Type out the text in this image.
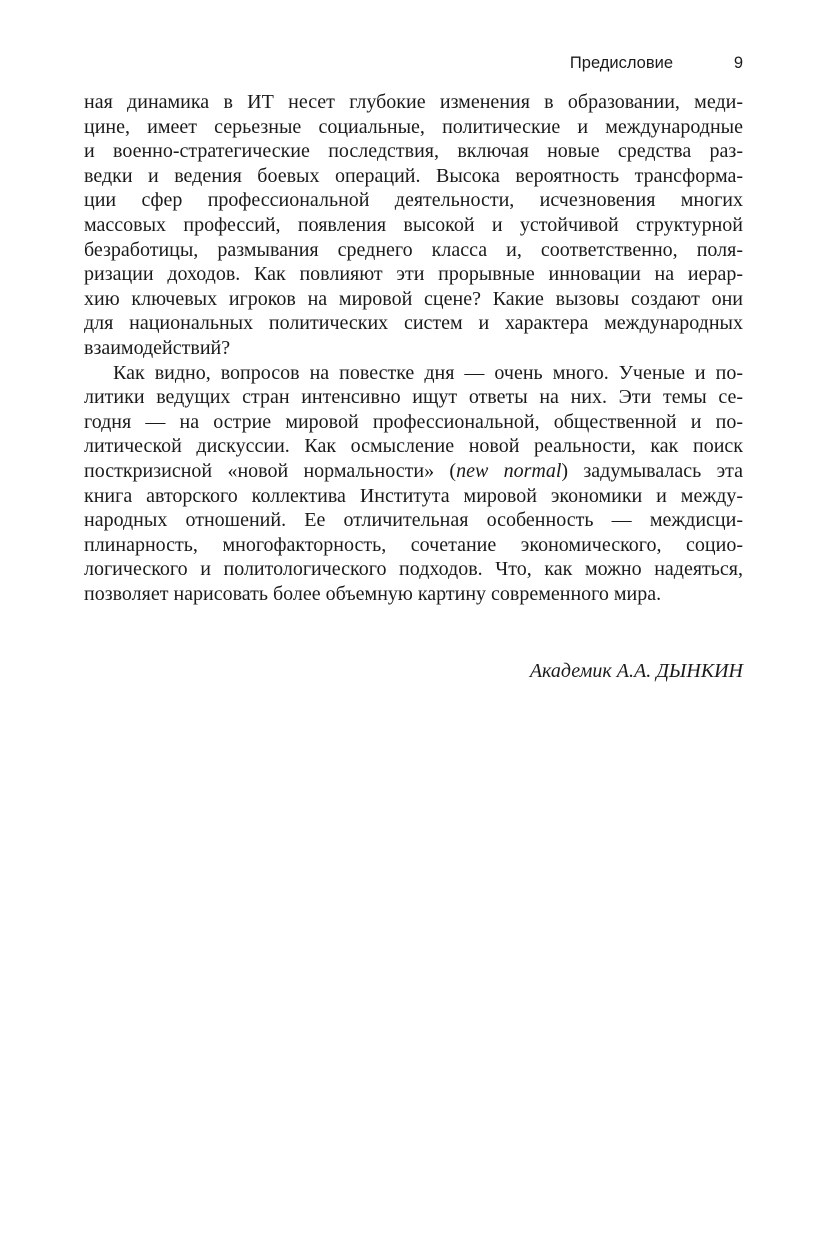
Предисловие	9
ная динамика в ИТ несет глубокие изменения в образовании, меди-
цине, имеет серьезные социальные, политические и международные
и военно-стратегические последствия, включая новые средства раз-
ведки и ведения боевых операций. Высока вероятность трансформа-
ции сфер профессиональной деятельности, исчезновения многих
массовых профессий, появления высокой и устойчивой структурной
безработицы, размывания среднего класса и, соответственно, поля-
ризации доходов. Как повлияют эти прорывные инновации на иерар-
хию ключевых игроков на мировой сцене? Какие вызовы создают они
для национальных политических систем и характера международных
взаимодействий?
Как видно, вопросов на повестке дня — очень много. Ученые и по-
литики ведущих стран интенсивно ищут ответы на них. Эти темы се-
годня — на острие мировой профессиональной, общественной и по-
литической дискуссии. Как осмысление новой реальности, как поиск
посткризисной «новой нормальности» (new normal) задумывалась эта
книга авторского коллектива Института мировой экономики и между-
народных отношений. Ее отличительная особенность — междисци-
плинарность, многофакторность, сочетание экономического, социо-
логического и политологического подходов. Что, как можно надеяться,
позволяет нарисовать более объемную картину современного мира.
Академик А.А. ДЫНКИН
